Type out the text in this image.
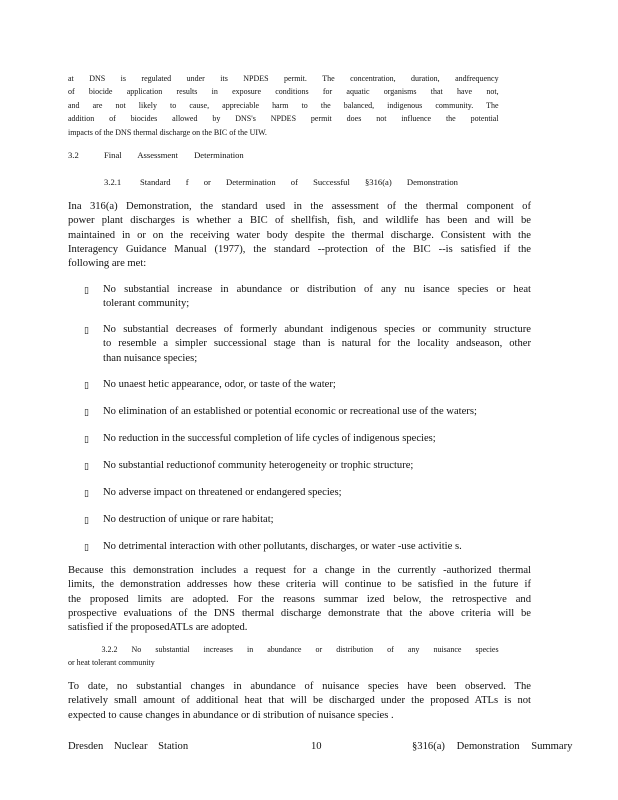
at DNS is regulated under its NPDES permit. The concentration, duration, andfrequency
of biocide application results in exposure conditions for aquatic organisms that have not,
and are not likely to cause, appreciable harm to the balanced, indigenous community. The
addition of biocides allowed by DNS's NPDES permit does not influence the potential
impacts of the DNS thermal discharge on the BIC of the UIW.
3.2	Final Assessment Determination
3.2.1 Standard f or Determination of Successful §316(a) Demonstration
Ina 316(a) Demonstration, the standard used in the assessment of the thermal component of
power plant discharges is whether a BIC of shellfish, fish, and wildlife has been and will be
maintained in or on the receiving water body despite the thermal discharge. Consistent with the
Interagency Guidance Manual (1977), the standard --protection of the BIC --is satisfied if the
following are met:
▯ No substantial increase in abundance or distribution of any nu isance species or heat
tolerant community;
▯ No substantial decreases of formerly abundant indigenous species or community structure
to resemble a simpler successional stage than is natural for the locality andseason, other
than nuisance species;
▯ No unaest hetic appearance, odor, or taste of the water;
▯ No elimination of an established or potential economic or recreational use of the waters;
▯ No reduction in the successful completion of life cycles of indigenous species;
▯ No substantial reductionof community heterogeneity or trophic structure;
▯ No adverse impact on threatened or endangered species;
▯ No destruction of unique or rare habitat;
▯ No detrimental interaction with other pollutants, discharges, or water -use activitie s.
Because this demonstration includes a request for a change in the currently -authorized thermal
limits, the demonstration addresses how these criteria will continue to be satisfied in the future if
the proposed limits are adopted. For the reasons summar ized below, the retrospective and
prospective evaluations of the DNS thermal discharge demonstrate that the above criteria will be
satisfied if the proposedATLs are adopted.
3.2.2 No substantial increases in abundance or distribution of any nuisance species
or heat tolerant community
To date, no substantial changes in abundance of nuisance species have been observed. The
relatively small amount of additional heat that will be discharged under the proposed ATLs is not
expected to cause changes in abundance or di stribution of nuisance species .
Dresden Nuclear Station	10	§316(a) Demonstration Summary
